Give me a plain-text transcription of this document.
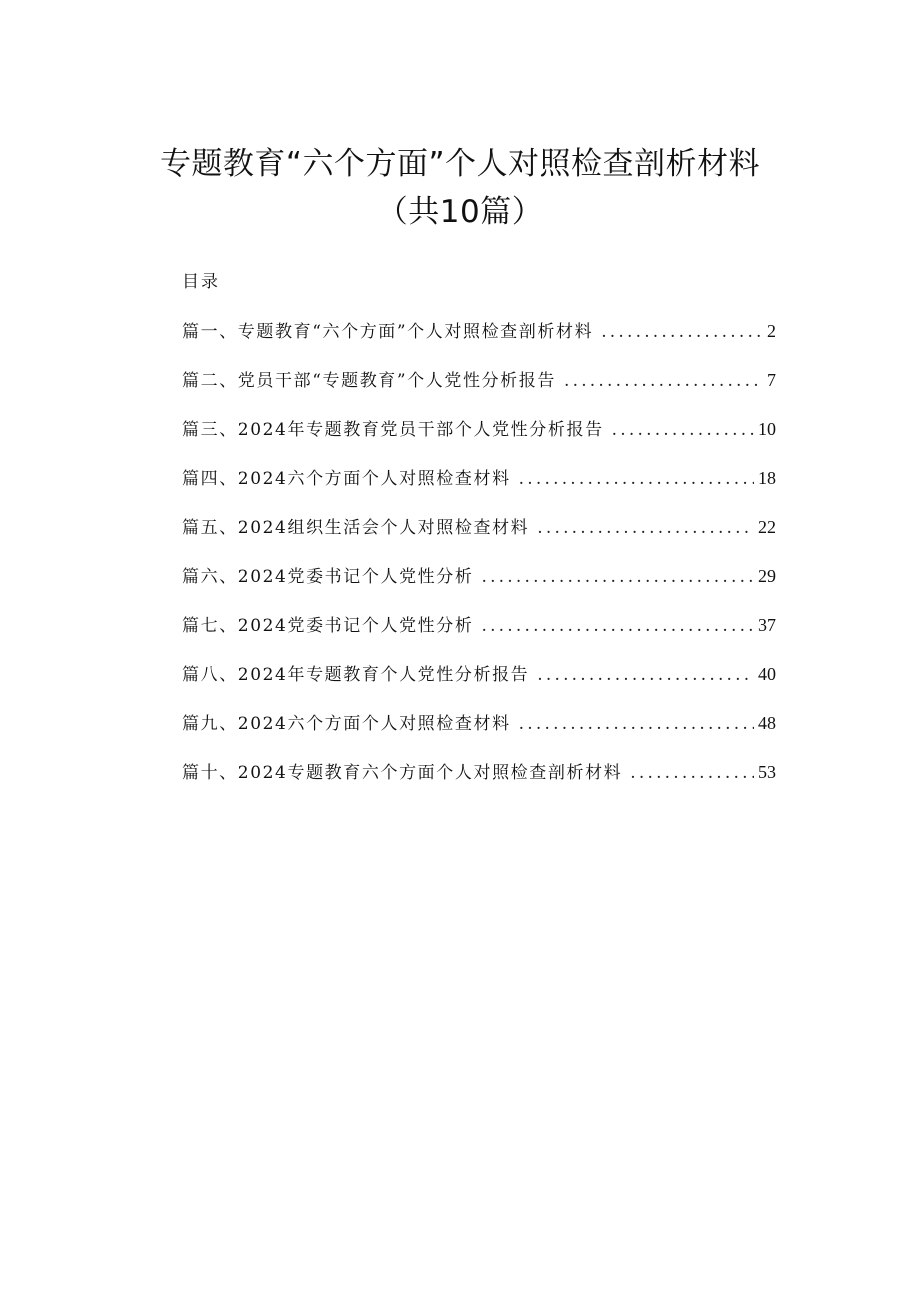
专题教育“六个方面”个人对照检查剖析材料（共10篇）
目录
篇一、专题教育“六个方面”个人对照检查剖析材料 .....	2
篇二、党员干部“专题教育”个人党性分析报告 .....	7
篇三、2024年专题教育党员干部个人党性分析报告 .....	10
篇四、2024六个方面个人对照检查材料 .....	18
篇五、2024组织生活会个人对照检查材料 .....	22
篇六、2024党委书记个人党性分析 .....	29
篇七、2024党委书记个人党性分析 .....	37
篇八、2024年专题教育个人党性分析报告 .....	40
篇九、2024六个方面个人对照检查材料 .....	48
篇十、2024专题教育六个方面个人对照检查剖析材料 .....	53
